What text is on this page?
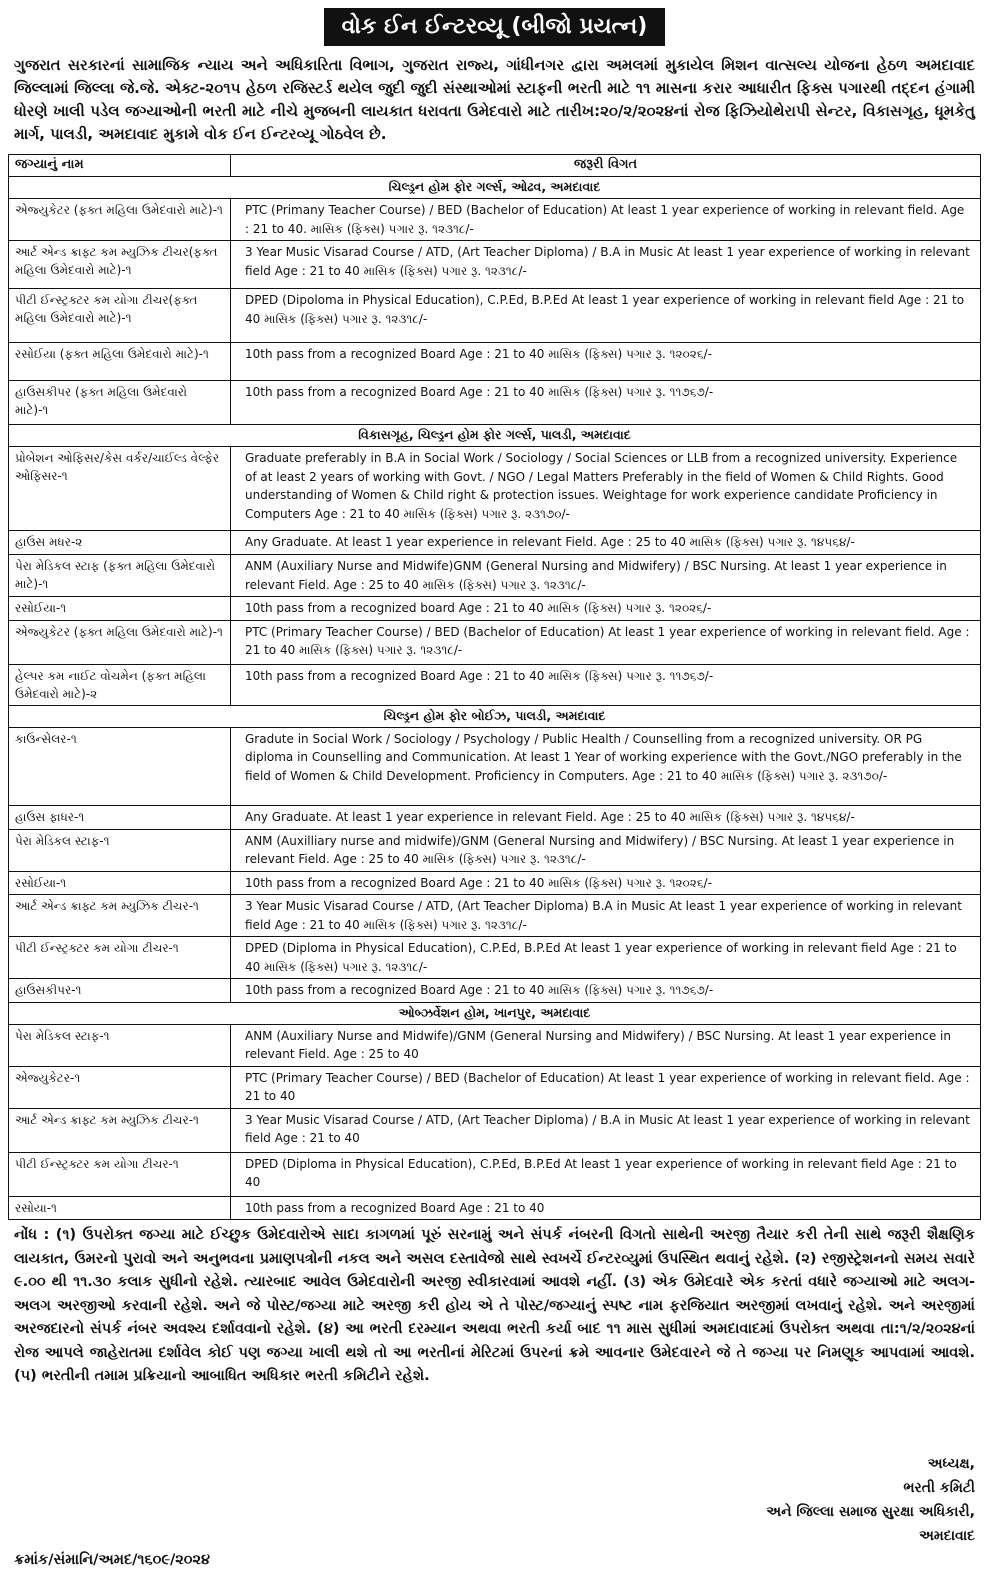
વોક ઈન ઈન્ટરવ્યૂ (બીજો પ્રયત્ન)
ગુજરાત સરકારનાં સામાજિક ન્યાય અને અધિકારિતા વિભાગ, ગુજરાત રાજ્ય, ગાંધીનગર દ્વારા અમલમાં મુકાયેલ મિશન વાત્સલ્ય યોજના હેઠળ અમદાવાદ જિલ્લામાં જિલ્લા જે.જે. એક્ટ-૨૦૧૫ હેઠળ રજિસ્ટર્ડ થયેલ જુદી જુદી સંસ્થાઓમાં સ્ટાફની ભરતી માટે ૧૧ માસના કરાર આધારીત ફિક્સ પગારથી તદ્દન હંગામી ધોરણે ખાલી પડેલ જગ્યાઓની ભરતી માટે નીચે મુજબની લાયકાત ધરાવતા ઉમેદવારો માટે તારીખ:૨૦/૨/૨૦૨૪નાં રોજ ફિઝિયોથેરાપી સેન્ટર, વિકાસગૃહ, ધૂમકેતુ માર્ગ, પાલડી, અમદાવાદ મુકામે વોક ઈન ઈન્ટરવ્યૂ ગોઠવેલ છે.
જગ્યાનું નામ	જરૂરી વિગત
ચિલ્ડ્રન હોમ ફોર ગર્લ્સ, ઓઢવ, અમદાવાદ	
એજ્યુકેટર (ફક્ત મહિલા ઉમેદવારો માટે)-૧	PTC (Primany Teacher Course) / BED (Bachelor of Education) At least 1 year experience of working in relevant field. Age : 21 to 40. માસિક (ફિક્સ) પગાર રૂ. ૧૨૩૧૮/-
આર્ટ એન્ડ ક્રાફ્ટ કમ મ્યુઝિક ટીચર(ફક્ત મહિલા ઉમેદવારો માટે)-૧	3 Year Music Visarad Course / ATD, (Art Teacher Diploma) / B.A in Music At least 1 year experience of working in relevant field Age : 21 to 40 માસિક (ફિક્સ) પગાર રૂ. ૧૨૩૧૮/-
પીટી ઈન્સ્ટ્રક્ટર કમ યોગા ટીચર(ફક્ત મહિલા ઉમેદવારો માટે)-૧	DPED (Dipoloma in Physical Education), C.P.Ed, B.P.Ed At least 1 year experience of working in relevant field Age : 21 to 40 માસિક (ફિક્સ) પગાર રૂ. ૧૨૩૧૮/-
રસોઈયા (ફક્ત મહિલા ઉમેદવારો માટે)-૧	10th pass from a recognized Board Age : 21 to 40 માસિક (ફિક્સ) પગાર રૂ. ૧૨૦૨૬/-
હાઉસકીપર (ફક્ત મહિલા ઉમેદવારો માટે)-૧	10th pass from a recognized Board Age : 21 to 40 માસિક (ફિક્સ) પગાર રૂ. ૧૧૭૬૭/-
વિકાસગૃહ, ચિલ્ડ્રન હોમ ફોર ગર્લ્સ, પાલડી, અમદાવાદ	
પ્રોબેશન ઓફિસર/કેસ વર્કર/ચાઈલ્ડ વેલ્ફેર ઓફિસર-૧	Graduate preferably in B.A in Social Work / Sociology / Social Sciences or LLB from a recognized university. Experience of at least 2 years of working with Govt. / NGO / Legal Matters Preferably in the field of Women & Child Rights. Good understanding of Women & Child right & protection issues. Weightage for work experience candidate Proficiency in Computers Age : 21 to 40 માસિક (ફિક્સ) પગાર રૂ. ૨૩૧૭૦/-
હાઉસ મધર-૨	Any Graduate. At least 1 year experience in relevant Field. Age : 25 to 40 માસિક (ફિક્સ) પગાર રૂ. ૧૪૫૬૪/-
પેરા મેડિકલ સ્ટાફ (ફક્ત મહિલા ઉમેદવારો માટે)-૧	ANM (Auxiliary Nurse and Midwife)GNM (General Nursing and Midwifery) / BSC Nursing. At least 1 year experience in relevant Field. Age : 25 to 40 માસિક (ફિક્સ) પગાર રૂ. ૧૨૩૧૮/-
રસોઈયા-૧	10th pass from a recognized board Age : 21 to 40 માસિક (ફિક્સ) પગાર રૂ. ૧૨૦૨૬/-
એજ્યુકેટર (ફક્ત મહિલા ઉમેદવારો માટે)-૧	PTC (Primary Teacher Course) / BED (Bachelor of Education) At least 1 year experience of working in relevant field. Age : 21 to 40 માસિક (ફિક્સ) પગાર રૂ. ૧૨૩૧૮/-
હેલ્પર કમ નાઈટ વોચમેન (ફક્ત મહિલા ઉમેદવારો માટે)-૨	10th pass from a recognized Board Age : 21 to 40 માસિક (ફિક્સ) પગાર રૂ. ૧૧૭૬૭/-
ચિલ્ડ્રન હોમ ફોર બોઈઝ, પાલડી, અમદાવાદ	
કાઉન્સેલર-૧	Gradute in Social Work / Sociology / Psychology / Public Health / Counselling from a recognized university. OR PG diploma in Counselling and Communication. At least 1 Year of working experience with the Govt./NGO preferably in the field of Women & Child Development. Proficiency in Computers. Age : 21 to 40 માસિક (ફિક્સ) પગાર રૂ. ૨૩૧૭૦/-
હાઉસ ફાધર-૧	Any Graduate. At least 1 year experience in relevant Field. Age : 25 to 40 માસિક (ફિક્સ) પગાર રૂ. ૧૪૫૬૪/-
પેરા મેડિકલ સ્ટાફ-૧	ANM (Auxilliary nurse and midwife)/GNM (General Nursing and Midwifery) / BSC Nursing. At least 1 year experience in relevant Field. Age : 25 to 40 માસિક (ફિક્સ) પગાર રૂ. ૧૨૩૧૮/-
રસોઈયા-૧	10th pass from a recognized Board Age : 21 to 40 માસિક (ફિક્સ) પગાર રૂ. ૧૨૦૨૬/-
આર્ટ એન્ડ ક્રાફ્ટ કમ મ્યુઝિક ટીચર-૧	3 Year Music Visarad Course / ATD, (Art Teacher Diploma) B.A in Music At least 1 year experience of working in relevant field Age : 21 to 40 માસિક (ફિક્સ) પગાર રૂ. ૧૨૩૧૮/-
પીટી ઈન્સ્ટ્રક્ટર કમ યોગા ટીચર-૧	DPED (Diploma in Physical Education), C.P.Ed, B.P.Ed At least 1 year experience of working in relevant field Age : 21 to 40 માસિક (ફિક્સ) પગાર રૂ. ૧૨૩૧૮/-
હાઉસકીપર-૧	10th pass from a recognized Board Age : 21 to 40 માસિક (ફિક્સ) પગાર રૂ. ૧૧૭૬૭/-
ઓબ્ઝર્વેશન હોમ, ખાનપુર, અમદાવાદ	
પેરા મેડિકલ સ્ટાફ-૧	ANM (Auxiliary Nurse and Midwife)/GNM (General Nursing and Midwifery) / BSC Nursing. At least 1 year experience in relevant Field. Age : 25 to 40
એજ્યુકેટર-૧	PTC (Primary Teacher Course) / BED (Bachelor of Education) At least 1 year experience of working in relevant field. Age : 21 to 40
આર્ટ એન્ડ ક્રાફ્ટ કમ મ્યુઝિક ટીચર-૧	3 Year Music Visarad Course / ATD, (Art Teacher Diploma) / B.A in Music At least 1 year experience of working in relevant field Age : 21 to 40
પીટી ઈન્સ્ટ્રક્ટર કમ યોગા ટીચર-૧	DPED (Diploma in Physical Education), C.P.Ed, B.P.Ed At least 1 year experience of working in relevant field Age : 21 to 40
રસોયા-૧	10th pass from a recognized Board Age : 21 to 40
નોંધ : (૧) ઉપરોક્ત જગ્યા માટે ઈચ્છુક ઉમેદવારોએ સાદા કાગળમાં પૂરું સરનામું અને સંપર્ક નંબરની વિગતો સાથેની અરજી તૈયાર કરી તેની સાથે જરૂરી શૈક્ષણિક લાયકાત, ઉમરનો પુરાવો અને અનુભવના પ્રમાણપત્રોની નકલ અને અસલ દસ્તાવેજો સાથે સ્વખર્ચે ઈન્ટરવ્યુમાં ઉપસ્થિત થવાનું રહેશે. (૨) રજીસ્ટ્રેશનનો સમય સવારે ૯.૦૦ થી ૧૧.૩૦ કલાક સુધીનો રહેશે. ત્યારબાદ આવેલ ઉમેદવારોની અરજી સ્વીકારવામાં આવશે નહીં. (૩) એક ઉમેદવારે એક કરતાં વધારે જગ્યાઓ માટે અલગ-અલગ અરજીઓ કરવાની રહેશે. અને જે પોસ્ટ/જગ્યા માટે અરજી કરી હોય એ તે પોસ્ટ/જગ્યાનું સ્પષ્ટ નામ ફરજિયાત અરજીમાં લખવાનું રહેશે. અને અરજીમાં અરજદારનો સંપર્ક નંબર અવશ્ય દર્શાવવાનો રહેશે. (૪) આ ભરતી દરમ્યાન અથવા ભરતી કર્યા બાદ ૧૧ માસ સુધીમાં અમદાવાદમાં ઉપરોક્ત અથવા તા:૧/૨/૨૦૨૪નાં રોજ આપલે જાહેરાતમા દર્શાવેલ કોઈ પણ જગ્યા ખાલી થશે તો આ ભરતીનાં મેરિટમાં ઉપરનાં ક્રમે આવનાર ઉમેદવારને જે તે જગ્યા પર નિમણૂક આપવામાં આવશે. (૫) ભરતીની તમામ પ્રક્રિયાનો આબાધિત અધિકાર ભરતી કમિટીને રહેશે.
અધ્યક્ષ,
ભરતી કમિટી
અને જિલ્લા સમાજ સુરક્ષા અધિકારી,
અમદાવાદ
ક્રમાંક/સંમાનિ/અમદ/૧૬૦૯/૨૦૨૪
